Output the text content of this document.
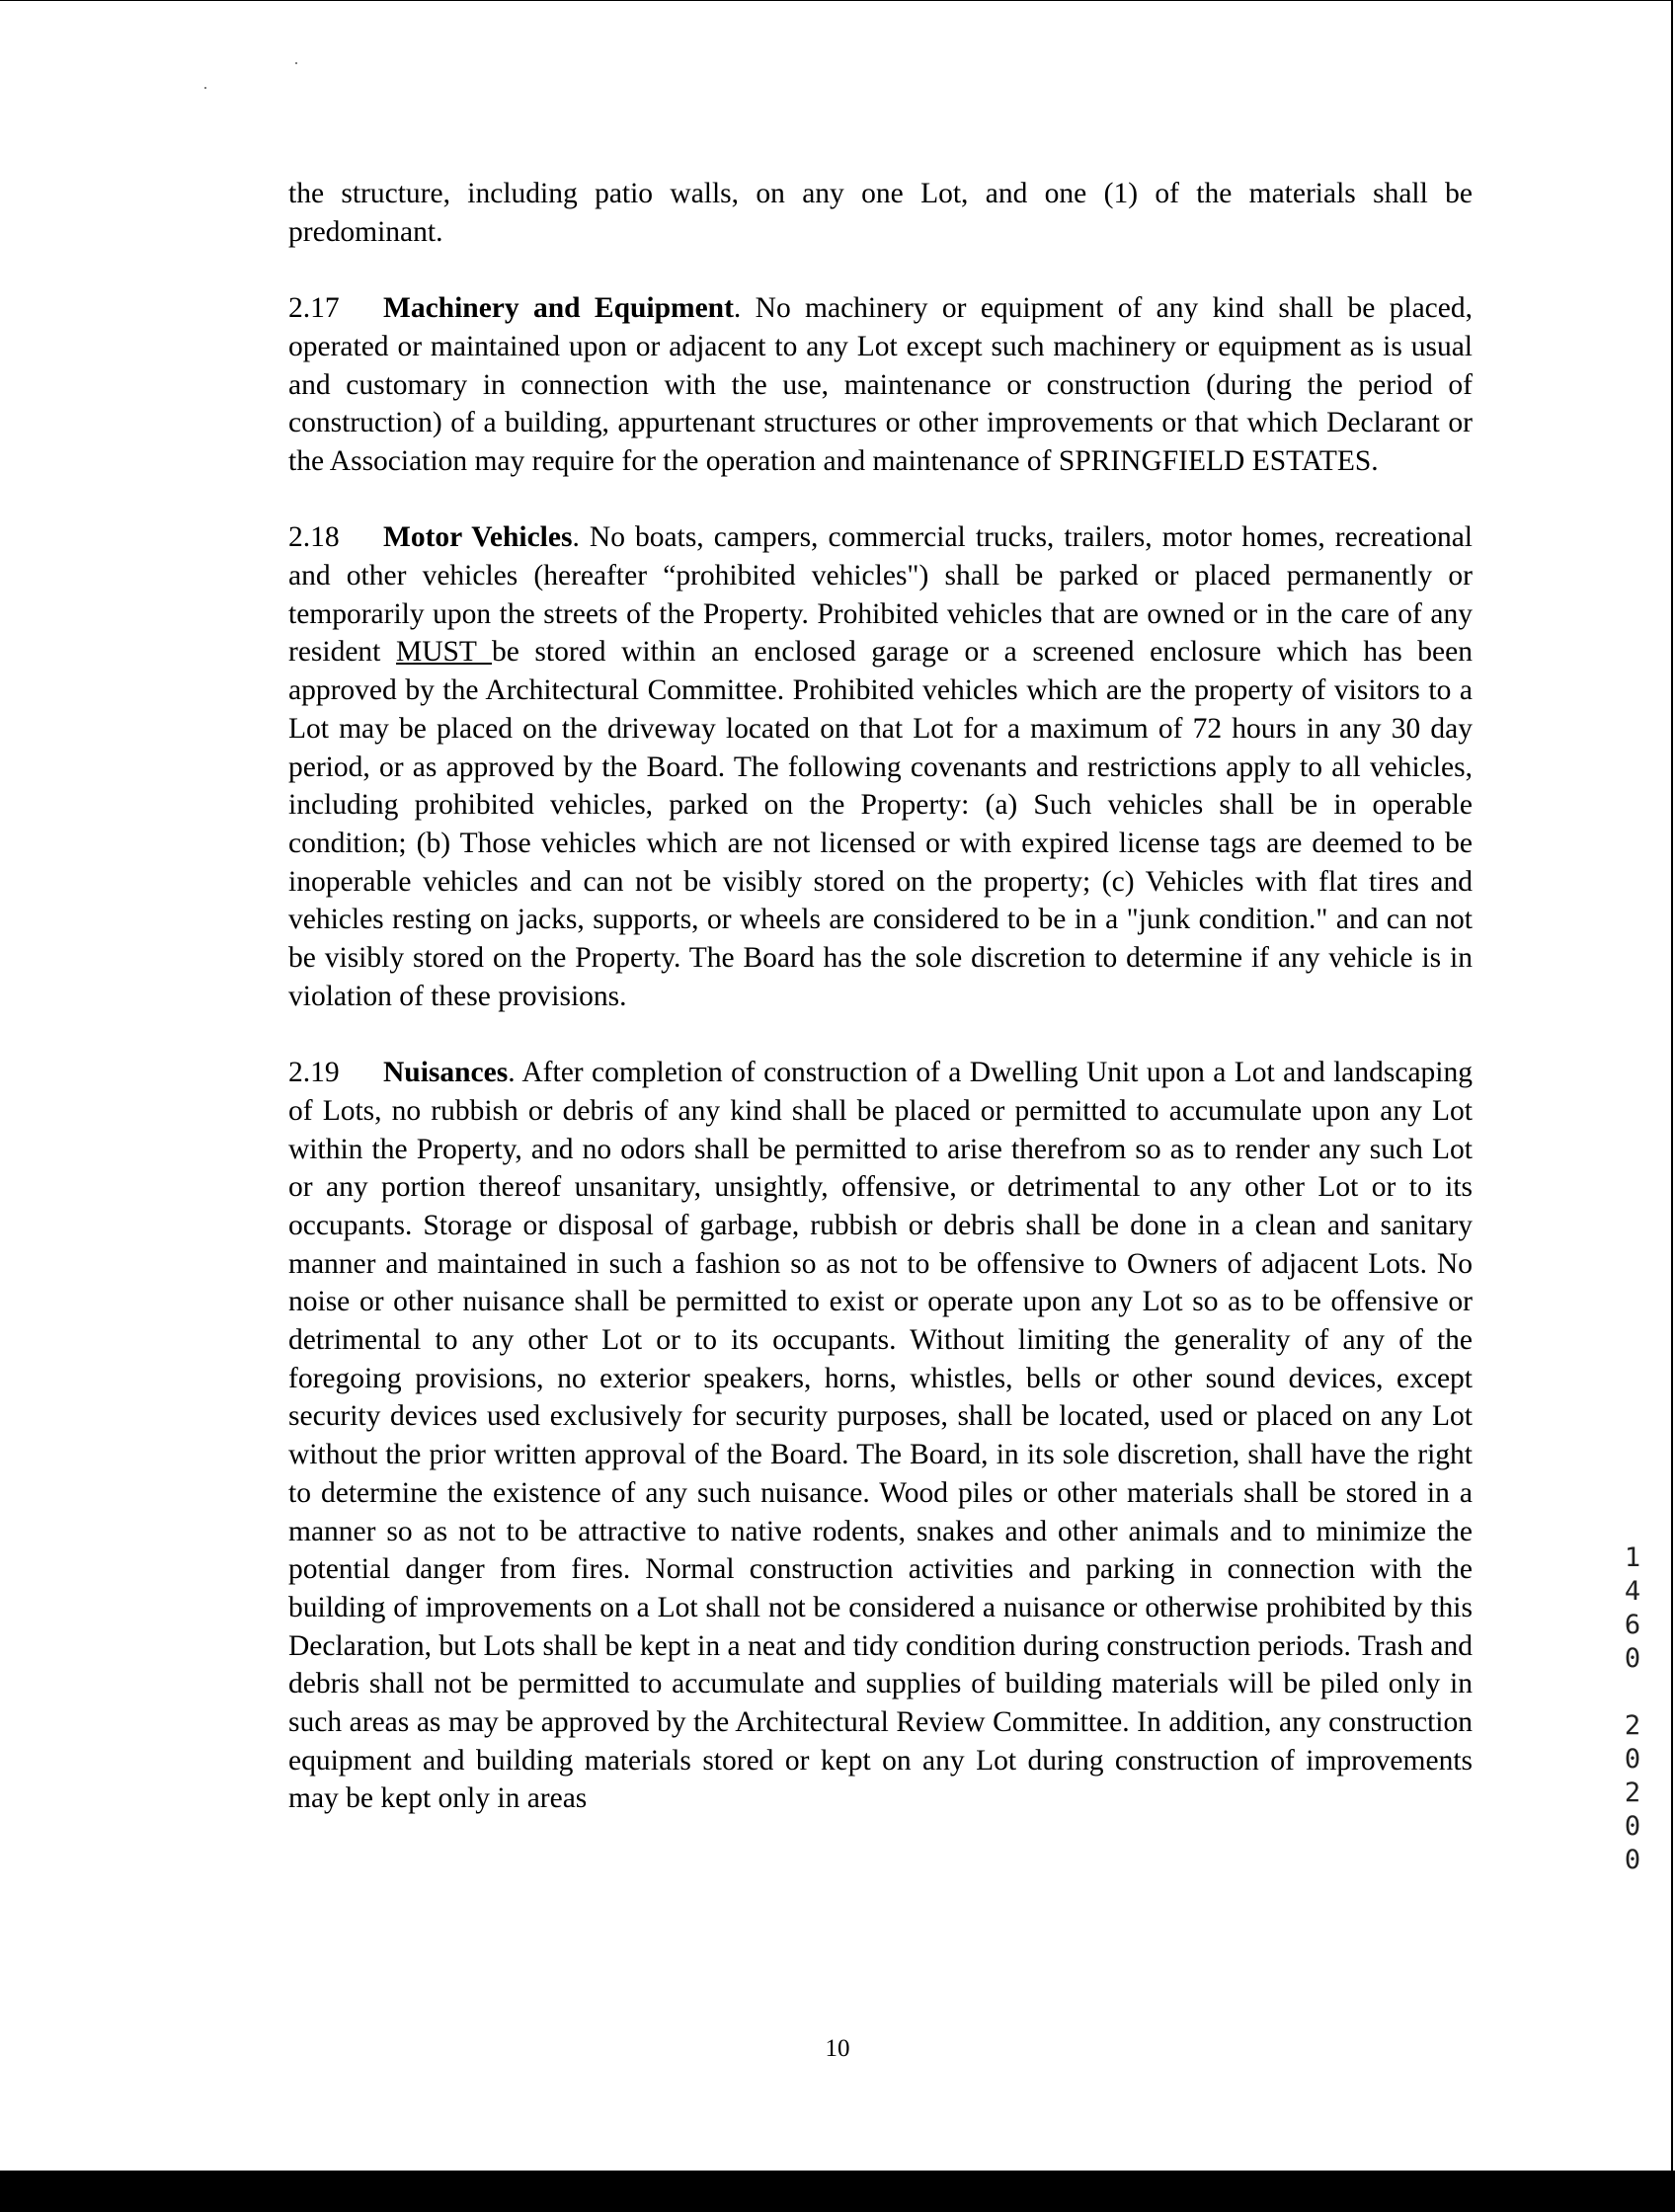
the structure, including patio walls, on any one Lot, and one (1) of the materials shall be predominant.

2.17 Machinery and Equipment. No machinery or equipment of any kind shall be placed, operated or maintained upon or adjacent to any Lot except such machinery or equipment as is usual and customary in connection with the use, maintenance or construction (during the period of construction) of a building, appurtenant structures or other improvements or that which Declarant or the Association may require for the operation and maintenance of SPRINGFIELD ESTATES.

2.18 Motor Vehicles. No boats, campers, commercial trucks, trailers, motor homes, recreational and other vehicles (hereafter “prohibited vehicles") shall be parked or placed permanently or temporarily upon the streets of the Property. Prohibited vehicles that are owned or in the care of any resident MUST be stored within an enclosed garage or a screened enclosure which has been approved by the Architectural Committee. Prohibited vehicles which are the property of visitors to a Lot may be placed on the driveway located on that Lot for a maximum of 72 hours in any 30 day period, or as approved by the Board. The following covenants and restrictions apply to all vehicles, including prohibited vehicles, parked on the Property: (a) Such vehicles shall be in operable condition; (b) Those vehicles which are not licensed or with expired license tags are deemed to be inoperable vehicles and can not be visibly stored on the property; (c) Vehicles with flat tires and vehicles resting on jacks, supports, or wheels are considered to be in a "junk condition." and can not be visibly stored on the Property. The Board has the sole discretion to determine if any vehicle is in violation of these provisions.

2.19 Nuisances. After completion of construction of a Dwelling Unit upon a Lot and landscaping of Lots, no rubbish or debris of any kind shall be placed or permitted to accumulate upon any Lot within the Property, and no odors shall be permitted to arise therefrom so as to render any such Lot or any portion thereof unsanitary, unsightly, offensive, or detrimental to any other Lot or to its occupants. Storage or disposal of garbage, rubbish or debris shall be done in a clean and sanitary manner and maintained in such a fashion so as not to be offensive to Owners of adjacent Lots. No noise or other nuisance shall be permitted to exist or operate upon any Lot so as to be offensive or detrimental to any other Lot or to its occupants. Without limiting the generality of any of the foregoing provisions, no exterior speakers, horns, whistles, bells or other sound devices, except security devices used exclusively for security purposes, shall be located, used or placed on any Lot without the prior written approval of the Board. The Board, in its sole discretion, shall have the right to determine the existence of any such nuisance. Wood piles or other materials shall be stored in a manner so as not to be attractive to native rodents, snakes and other animals and to minimize the potential danger from fires. Normal construction activities and parking in connection with the building of improvements on a Lot shall not be considered a nuisance or otherwise prohibited by this Declaration, but Lots shall be kept in a neat and tidy condition during construction periods. Trash and debris shall not be permitted to accumulate and supplies of building materials will be piled only in such areas as may be approved by the Architectural Review Committee. In addition, any construction equipment and building materials stored or kept on any Lot during construction of improvements may be kept only in areas

10
1
4
6
0

2
0
2
0
0
